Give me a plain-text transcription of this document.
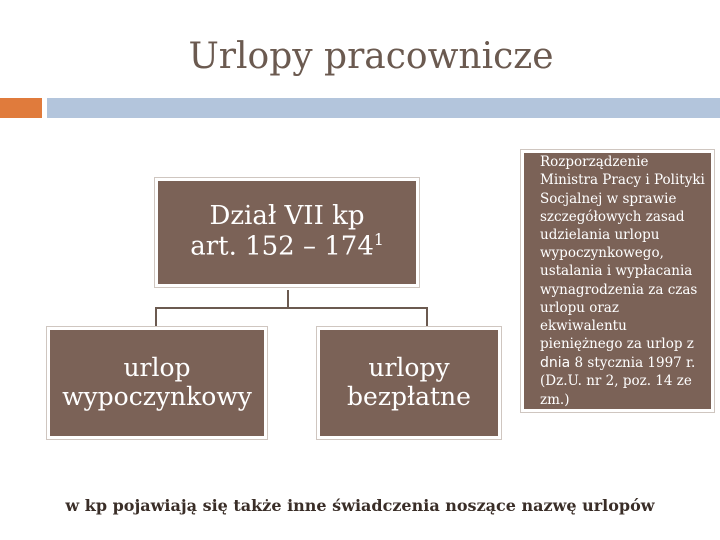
Urlopy pracownicze
Dział VII kp
art. $152 - 174^1$
urlop
wypoczynkowy
urlopy
bezpłatne
Rozporządzenie Ministra Pracy i Polityki Socjalnej w sprawie szczegółowych zasad udzielania urlopu wypoczynkowego, ustalania i wypłacania wynagrodzenia za czas urlopu oraz ekwiwalentu pieniężnego za urlop z dnia 8 stycznia 1997 r. (Dz.U. nr 2, poz. 14 ze zm.)
w kp pojawiają się także inne świadczenia noszące nazwę urlopów
